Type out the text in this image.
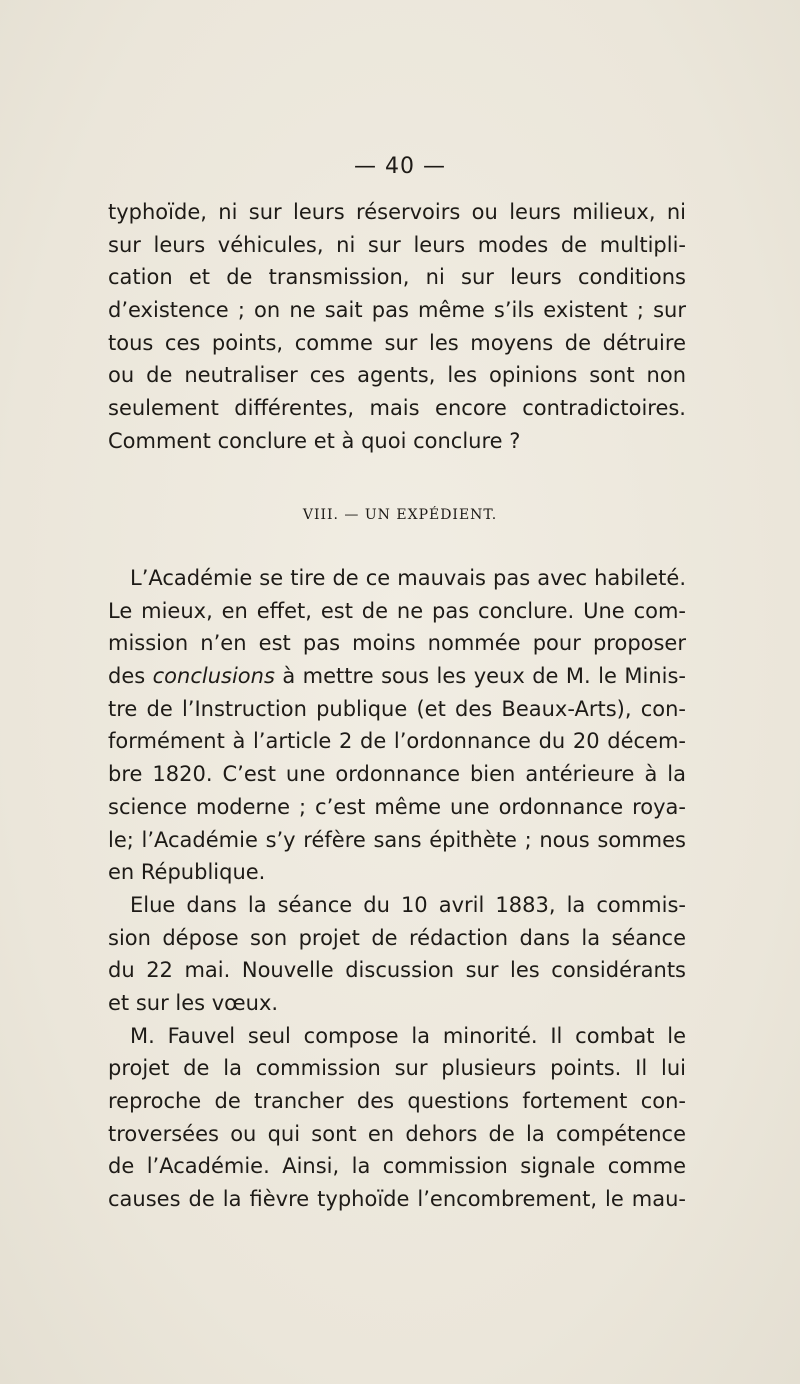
— 40 —
typhoïde, ni sur leurs réservoirs ou leurs milieux, ni
sur leurs véhicules, ni sur leurs modes de multipli-
cation et de transmission, ni sur leurs conditions
d’existence ; on ne sait pas même s’ils existent ; sur
tous ces points, comme sur les moyens de détruire
ou de neutraliser ces agents, les opinions sont non
seulement différentes, mais encore contradictoires.
Comment conclure et à quoi conclure ?
VIII. — UN EXPÉDIENT.
L’Académie se tire de ce mauvais pas avec habileté.
Le mieux, en effet, est de ne pas conclure. Une com-
mission n’en est pas moins nommée pour proposer
des conclusions à mettre sous les yeux de M. le Minis-
tre de l’Instruction publique (et des Beaux-Arts), con-
formément à l’article 2 de l’ordonnance du 20 décem-
bre 1820. C’est une ordonnance bien antérieure à la
science moderne ; c’est même une ordonnance roya-
le; l’Académie s’y réfère sans épithète ; nous sommes
en République.
Elue dans la séance du 10 avril 1883, la commis-
sion dépose son projet de rédaction dans la séance
du 22 mai. Nouvelle discussion sur les considérants
et sur les vœux.
M. Fauvel seul compose la minorité. Il combat le
projet de la commission sur plusieurs points. Il lui
reproche de trancher des questions fortement con-
troversées ou qui sont en dehors de la compétence
de l’Académie. Ainsi, la commission signale comme
causes de la fièvre typhoïde l’encombrement, le mau-
